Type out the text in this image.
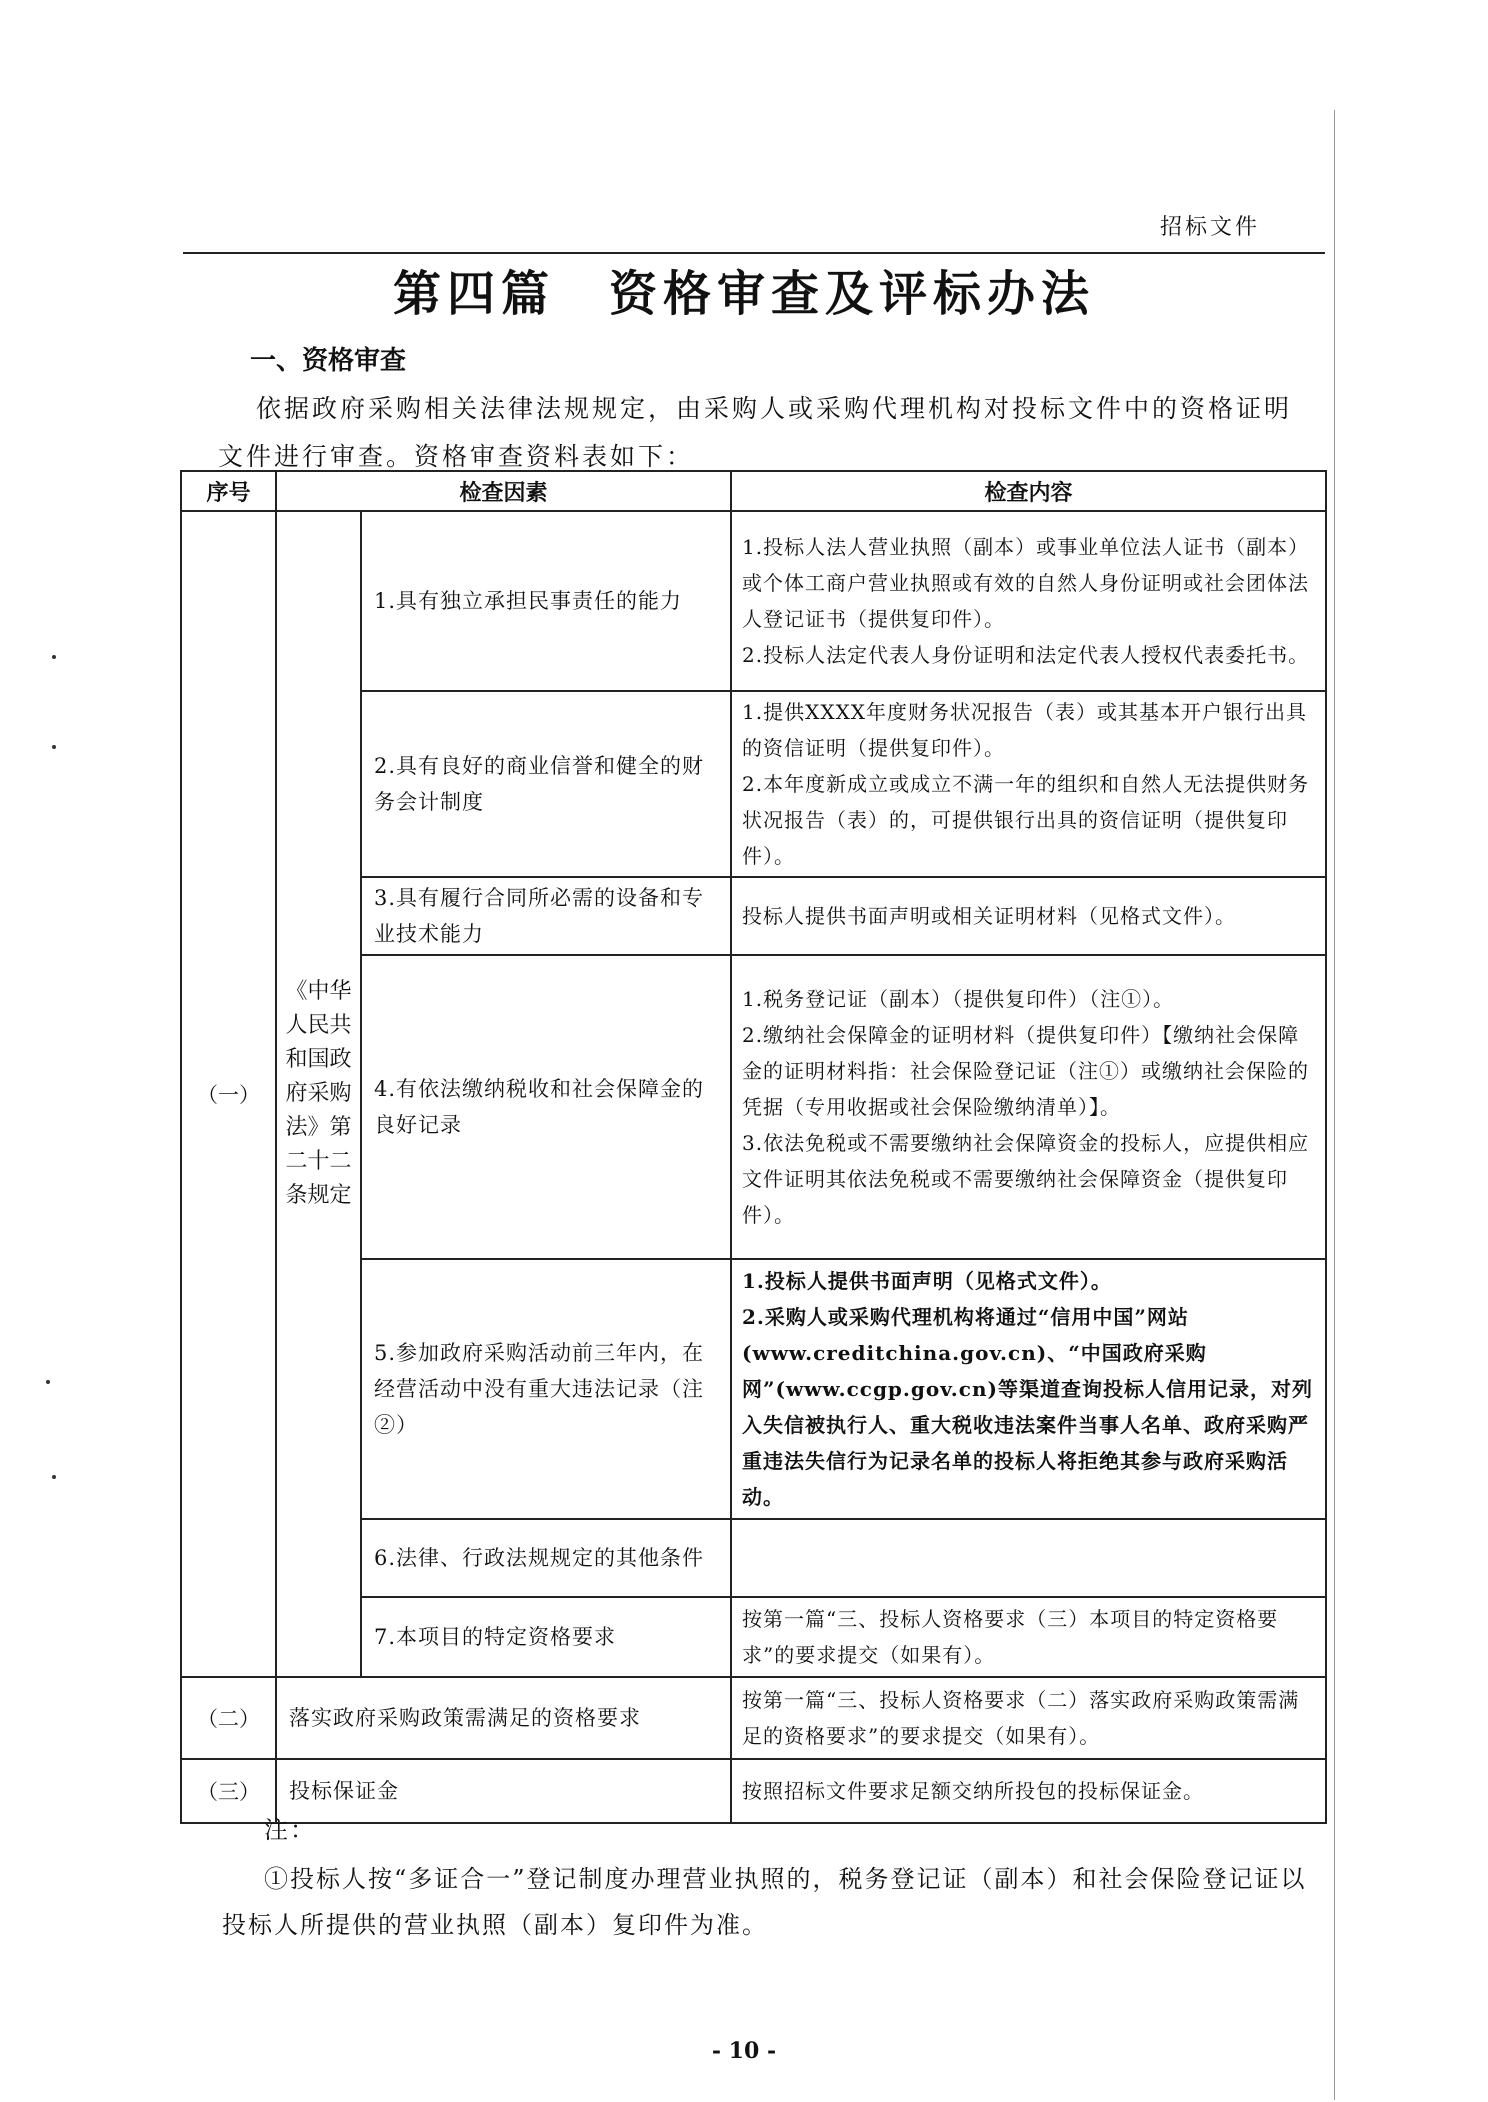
招标文件
第四篇　资格审查及评标办法
一、资格审查
依据政府采购相关法律法规规定，由采购人或采购代理机构对投标文件中的资格证明文件进行审查。资格审查资料表如下：
序号	检查因素		检查内容
（一）	《中华人民共和国政府采购法》第二十二条规定	1.具有独立承担民事责任的能力	1.投标人法人营业执照（副本）或事业单位法人证书（副本）或个体工商户营业执照或有效的自然人身份证明或社会团体法人登记证书（提供复印件）。

2.投标人法定代表人身份证明和法定代表人授权代表委托书。

		2.具有良好的商业信誉和健全的财务会计制度	1.提供XXXX年度财务状况报告（表）或其基本开户银行出具的资信证明（提供复印件）。

2.本年度新成立或成立不满一年的组织和自然人无法提供财务状况报告（表）的，可提供银行出具的资信证明（提供复印件）。

		3.具有履行合同所必需的设备和专业技术能力	投标人提供书面声明或相关证明材料（见格式文件）。

		4.有依法缴纳税收和社会保障金的良好记录	1.税务登记证（副本）（提供复印件）（注①）。

2.缴纳社会保障金的证明材料（提供复印件）【缴纳社会保障金的证明材料指：社会保险登记证（注①）或缴纳社会保险的凭据（专用收据或社会保险缴纳清单）】。

3.依法免税或不需要缴纳社会保障资金的投标人，应提供相应文件证明其依法免税或不需要缴纳社会保障资金（提供复印件）。

		5.参加政府采购活动前三年内，在经营活动中没有重大违法记录（注②）	1.投标人提供书面声明（见格式文件）。

2.采购人或采购代理机构将通过“信用中国”网站(www.creditchina.gov.cn)、“中国政府采购网”(www.ccgp.gov.cn)等渠道查询投标人信用记录，对列入失信被执行人、重大税收违法案件当事人名单、政府采购严重违法失信行为记录名单的投标人将拒绝其参与政府采购活动。

		6.法律、行政法规规定的其他条件	
		7.本项目的特定资格要求	按第一篇“三、投标人资格要求（三）本项目的特定资格要求”的要求提交（如果有）。

（二）	落实政府采购政策需满足的资格要求		按第一篇“三、投标人资格要求（二）落实政府采购政策需满足的资格要求”的要求提交（如果有）。
（三）	投标保证金		按照招标文件要求足额交纳所投包的投标保证金。
注：
①投标人按“多证合一”登记制度办理营业执照的，税务登记证（副本）和社会保险登记证以投标人所提供的营业执照（副本）复印件为准。
- 10 -
